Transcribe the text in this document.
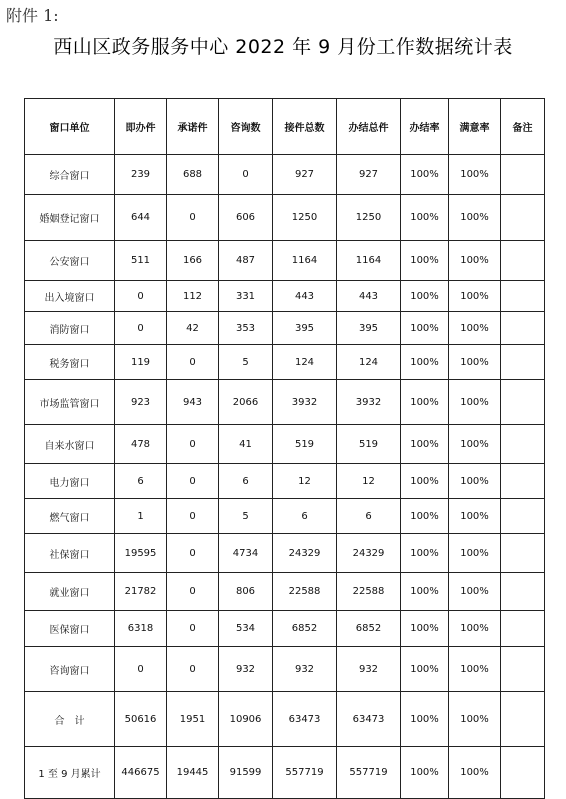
附件 1:
西山区政务服务中心 2022 年 9 月份工作数据统计表
窗口单位	即办件	承诺件	咨询数	接件总数	办结总件	办结率	满意率	备注
综合窗口	239	688	0	927	927	100%	100%	
婚姻登记窗口	644	0	606	1250	1250	100%	100%	
公安窗口	511	166	487	1164	1164	100%	100%	
出入境窗口	0	112	331	443	443	100%	100%	
消防窗口	0	42	353	395	395	100%	100%	
税务窗口	119	0	5	124	124	100%	100%	
市场监管窗口	923	943	2066	3932	3932	100%	100%	
自来水窗口	478	0	41	519	519	100%	100%	
电力窗口	6	0	6	12	12	100%	100%	
燃气窗口	1	0	5	6	6	100%	100%	
社保窗口	19595	0	4734	24329	24329	100%	100%	
就业窗口	21782	0	806	22588	22588	100%	100%	
医保窗口	6318	0	534	6852	6852	100%	100%	
咨询窗口	0	0	932	932	932	100%	100%	
合　计	50616	1951	10906	63473	63473	100%	100%	
1 至 9 月累计	446675	19445	91599	557719	557719	100%	100%	
